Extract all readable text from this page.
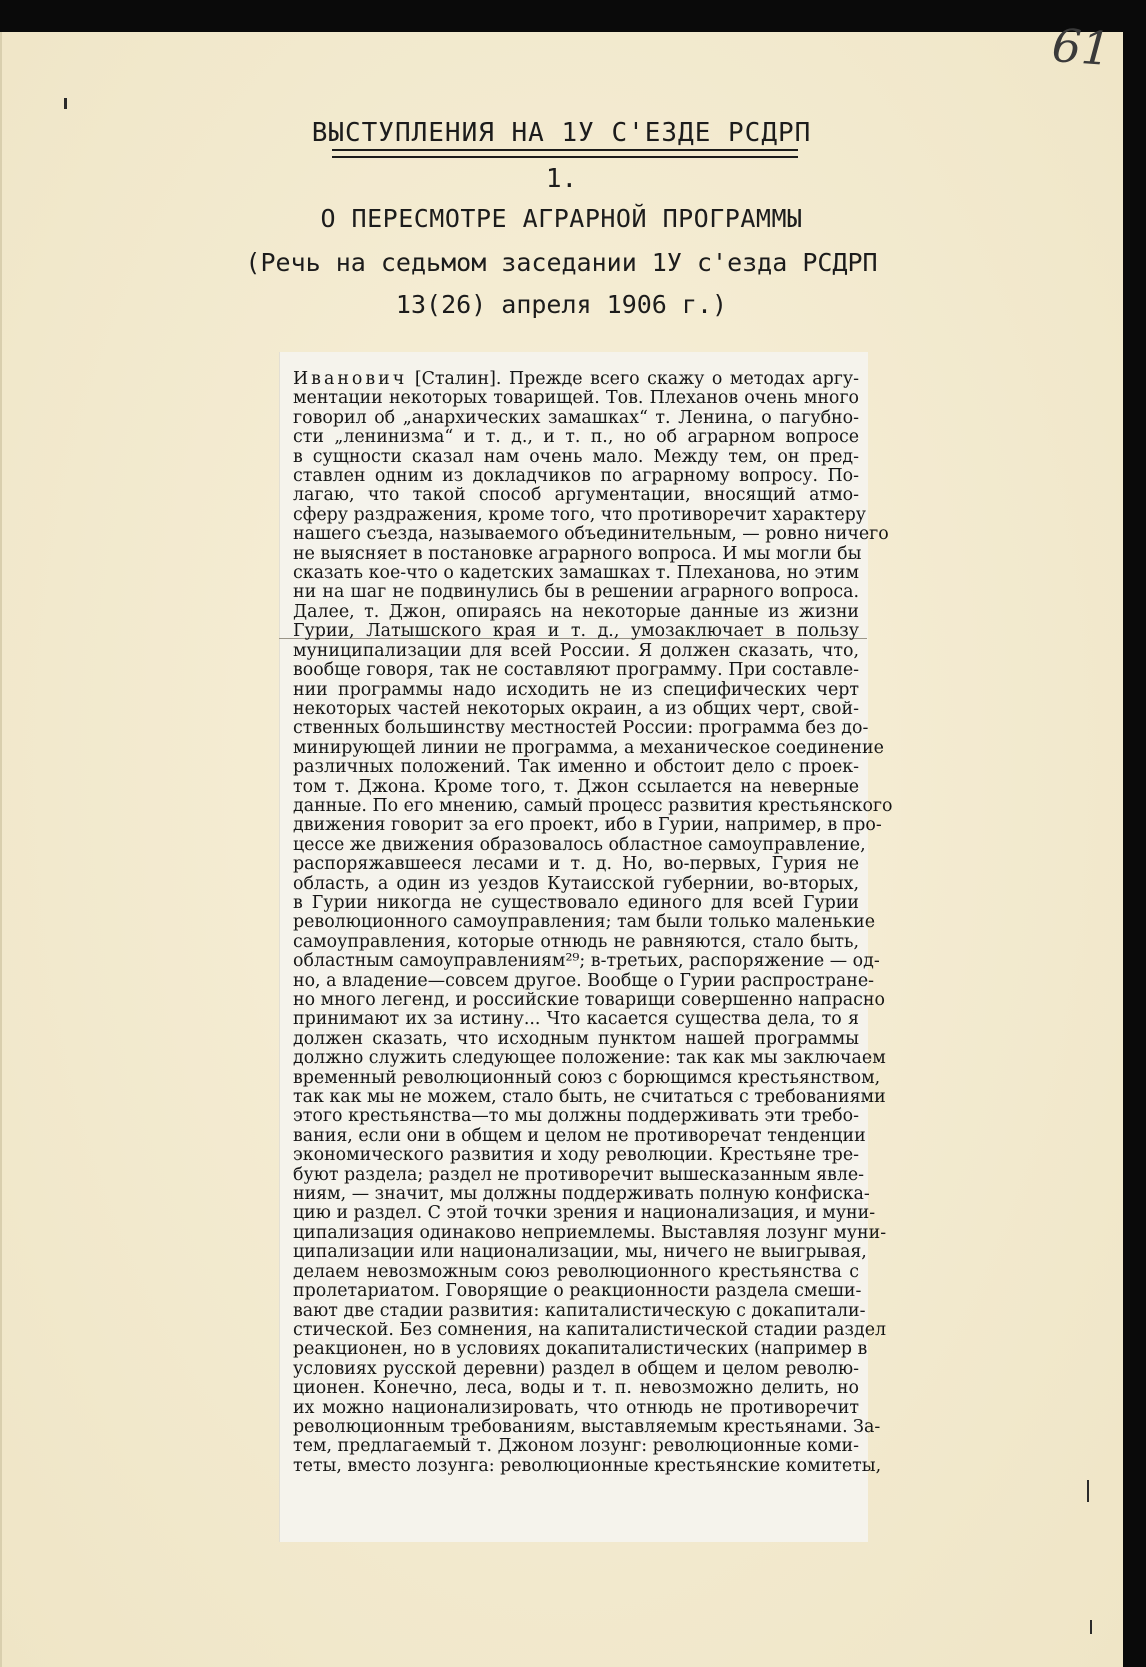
61
ВЫСТУПЛЕНИЯ НА 1У С'ЕЗДЕ РСДРП
1.
О ПЕРЕСМОТРЕ АГРАРНОЙ ПРОГРАММЫ
(Речь на седьмом заседании 1У с'езда РСДРП
13(26) апреля 1906 г.)
Иванович [Сталин]. Прежде всего скажу о методах аргу-
ментации некоторых товарищей. Тов. Плеханов очень много
говорил об „анархических замашках“ т. Ленина, о пагубно-
сти „ленинизма“ и т. д., и т. п., но об аграрном вопросе
в сущности сказал нам очень мало. Между тем, он пред-
ставлен одним из докладчиков по аграрному вопросу. По-
лагаю, что такой способ аргументации, вносящий атмо-
сферу раздражения, кроме того, что противоречит характеру
нашего съезда, называемого объединительным, — ровно ничего
не выясняет в постановке аграрного вопроса. И мы могли бы
сказать кое-что о кадетских замашках т. Плеханова, но этим
ни на шаг не подвинулись бы в решении аграрного вопроса.
Далее, т. Джон, опираясь на некоторые данные из жизни
Гурии, Латышского края и т. д., умозаключает в пользу
муниципализации для всей России. Я должен сказать, что,
вообще говоря, так не составляют программу. При составле-
нии программы надо исходить не из специфических черт
некоторых частей некоторых окраин, а из общих черт, свой-
ственных большинству местностей России: программа без до-
минирующей линии не программа, а механическое соединение
различных положений. Так именно и обстоит дело с проек-
том т. Джона. Кроме того, т. Джон ссылается на неверные
данные. По его мнению, самый процесс развития крестьянского
движения говорит за его проект, ибо в Гурии, например, в про-
цессе же движения образовалось областное самоуправление,
распоряжавшееся лесами и т. д. Но, во-первых, Гурия не
область, а один из уездов Кутаисской губернии, во-вторых,
в Гурии никогда не существовало единого для всей Гурии
революционного самоуправления; там были только маленькие
самоуправления, которые отнюдь не равняются, стало быть,
областным самоуправлениям²⁹; в-третьих, распоряжение — од-
но, а владение—совсем другое. Вообще о Гурии распростране-
но много легенд, и российские товарищи совершенно напрасно
принимают их за истину... Что касается существа дела, то я
должен сказать, что исходным пунктом нашей программы
должно служить следующее положение: так как мы заключаем
временный революционный союз с борющимся крестьянством,
так как мы не можем, стало быть, не считаться с требованиями
этого крестьянства—то мы должны поддерживать эти требо-
вания, если они в общем и целом не противоречат тенденции
экономического развития и ходу революции. Крестьяне тре-
буют раздела; раздел не противоречит вышесказанным явле-
ниям, — значит, мы должны поддерживать полную конфиска-
цию и раздел. С этой точки зрения и национализация, и муни-
ципализация одинаково неприемлемы. Выставляя лозунг муни-
ципализации или национализации, мы, ничего не выигрывая,
делаем невозможным союз революционного крестьянства с
пролетариатом. Говорящие о реакционности раздела смеши-
вают две стадии развития: капиталистическую с докапитали-
стической. Без сомнения, на капиталистической стадии раздел
реакционен, но в условиях докапиталистических (например в
условиях русской деревни) раздел в общем и целом револю-
ционен. Конечно, леса, воды и т. п. невозможно делить, но
их можно национализировать, что отнюдь не противоречит
революционным требованиям, выставляемым крестьянами. За-
тем, предлагаемый т. Джоном лозунг: революционные коми-
теты, вместо лозунга: революционные крестьянские комитеты,
